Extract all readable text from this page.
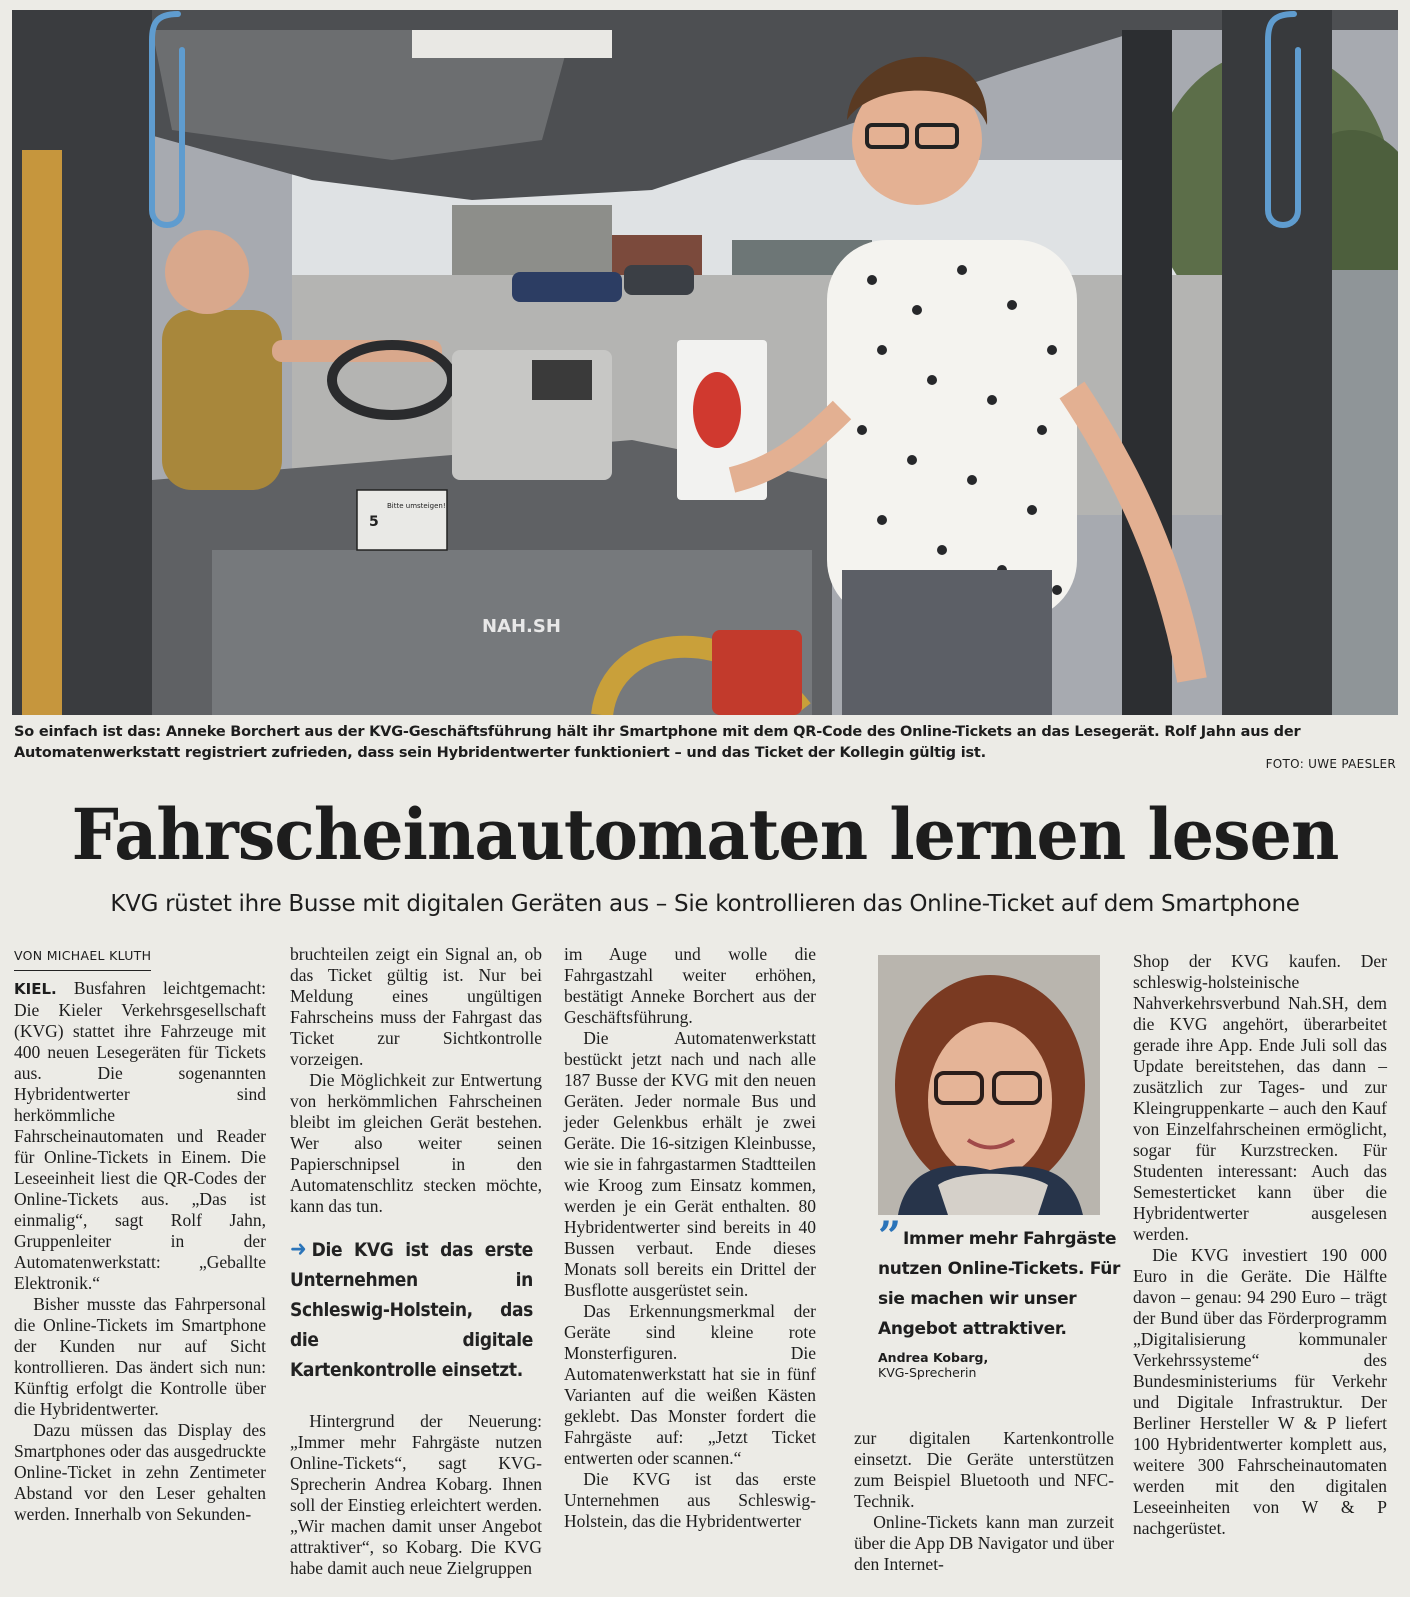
5
Bitte umsteigen!
NAH.SH
So einfach ist das: Anneke Borchert aus der KVG-Geschäftsführung hält ihr Smartphone mit dem QR-Code des Online-Tickets an das Lesegerät. Rolf Jahn aus der Automatenwerkstatt registriert zufrieden, dass sein Hybridentwerter funktioniert – und das Ticket der Kollegin gültig ist.
FOTO: UWE PAESLER
Fahrscheinautomaten lernen lesen
KVG rüstet ihre Busse mit digitalen Geräten aus – Sie kontrollieren das Online-Ticket auf dem Smartphone
VON MICHAEL KLUTH

KIEL. Busfahren leichtgemacht: Die Kieler Verkehrsgesellschaft (KVG) stattet ihre Fahrzeuge mit 400 neuen Lesegeräten für Tickets aus. Die sogenannten Hybridentwerter sind herkömmliche Fahrscheinautomaten und Reader für Online-Tickets in Einem. Die Leseeinheit liest die QR-Codes der Online-Tickets aus. „Das ist einmalig“, sagt Rolf Jahn, Gruppenleiter in der Automatenwerkstatt: „Geballte Elektronik.“

Bisher musste das Fahrpersonal die Online-Tickets im Smartphone der Kunden nur auf Sicht kontrollieren. Das ändert sich nun: Künftig erfolgt die Kontrolle über die Hybridentwerter.

Dazu müssen das Display des Smartphones oder das ausgedruckte Online-Ticket in zehn Zentimeter Abstand vor den Leser gehalten werden. Innerhalb von Sekunden-

bruchteilen zeigt ein Signal an, ob das Ticket gültig ist. Nur bei Meldung eines ungültigen Fahrscheins muss der Fahrgast das Ticket zur Sichtkontrolle vorzeigen.

Die Möglichkeit zur Entwertung von herkömmlichen Fahrscheinen bleibt im gleichen Gerät bestehen. Wer also weiter seinen Papierschnipsel in den Automatenschlitz stecken möchte, kann das tun.

➜ Die KVG ist das erste Unternehmen in Schleswig-Holstein, das die digitale Kartenkontrolle einsetzt.

Hintergrund der Neuerung: „Immer mehr Fahrgäste nutzen Online-Tickets“, sagt KVG-Sprecherin Andrea Kobarg. Ihnen soll der Einstieg erleichtert werden. „Wir machen damit unser Angebot attraktiver“, so Kobarg. Die KVG habe damit auch neue Zielgruppen

im Auge und wolle die Fahrgastzahl weiter erhöhen, bestätigt Anneke Borchert aus der Geschäftsführung.

Die Automatenwerkstatt bestückt jetzt nach und nach alle 187 Busse der KVG mit den neuen Geräten. Jeder normale Bus und jeder Gelenkbus erhält je zwei Geräte. Die 16-sitzigen Kleinbusse, wie sie in fahrgastarmen Stadtteilen wie Kroog zum Einsatz kommen, werden je ein Gerät enthalten. 80 Hybridentwerter sind bereits in 40 Bussen verbaut. Ende dieses Monats soll bereits ein Drittel der Busflotte ausgerüstet sein.

Das Erkennungsmerkmal der Geräte sind kleine rote Monsterfiguren. Die Automatenwerkstatt hat sie in fünf Varianten auf die weißen Kästen geklebt. Das Monster fordert die Fahrgäste auf: „Jetzt Ticket entwerten oder scannen.“

Die KVG ist das erste Unternehmen aus Schleswig-Holstein, das die Hybridentwerter

” Immer mehr Fahrgäste nutzen Online-Tickets. Für sie machen wir unser Angebot attraktiver.
Andrea Kobarg,
KVG-Sprecherin

zur digitalen Kartenkontrolle einsetzt. Die Geräte unterstützen zum Beispiel Bluetooth und NFC-Technik.

Online-Tickets kann man zurzeit über die App DB Navigator und über den Internet-

Shop der KVG kaufen. Der schleswig-holsteinische Nahverkehrsverbund Nah.SH, dem die KVG angehört, überarbeitet gerade ihre App. Ende Juli soll das Update bereitstehen, das dann – zusätzlich zur Tages- und zur Kleingruppenkarte – auch den Kauf von Einzelfahrscheinen ermöglicht, sogar für Kurzstrecken. Für Studenten interessant: Auch das Semesterticket kann über die Hybridentwerter ausgelesen werden.

Die KVG investiert 190 000 Euro in die Geräte. Die Hälfte davon – genau: 94 290 Euro – trägt der Bund über das Förderprogramm „Digitalisierung kommunaler Verkehrssysteme“ des Bundesministeriums für Verkehr und Digitale Infrastruktur. Der Berliner Hersteller W & P liefert 100 Hybridentwerter komplett aus, weitere 300 Fahrscheinautomaten werden mit den digitalen Leseeinheiten von W & P nachgerüstet.
